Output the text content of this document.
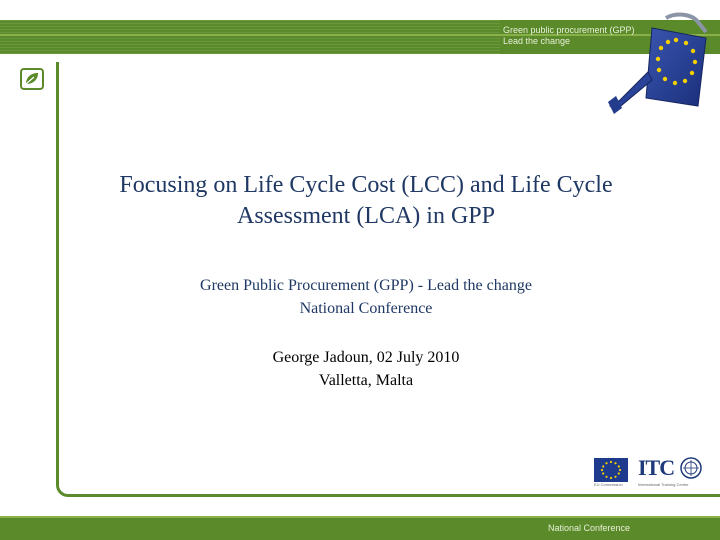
Green public procurement (GPP)
Lead the change
Focusing on Life Cycle Cost (LCC) and Life Cycle
Assessment (LCA) in GPP
Green Public Procurement (GPP) - Lead the change
National Conference
George Jadoun, 02 July 2010
Valletta, Malta
EU Commission
ITC
International Training Centre
National Conference
